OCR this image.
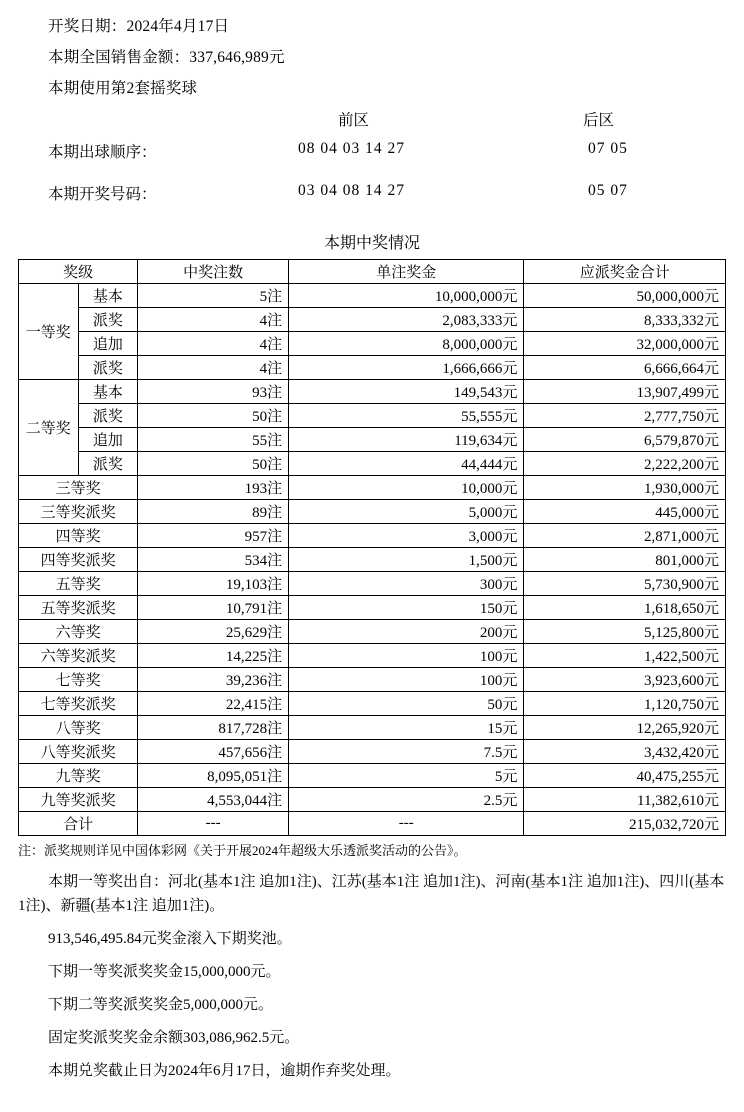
开奖日期：2024年4月17日
本期全国销售金额：337,646,989元
本期使用第2套摇奖球
前区	后区
本期出球顺序：	08 04 03 14 27	07 05
本期开奖号码：	03 04 08 14 27	05 07
本期中奖情况
奖级		中奖注数	单注奖金	应派奖金合计
一等奖	基本	5注	10,000,000元	50,000,000元
	派奖	4注	2,083,333元	8,333,332元
	追加	4注	8,000,000元	32,000,000元
	派奖	4注	1,666,666元	6,666,664元
二等奖	基本	93注	149,543元	13,907,499元
	派奖	50注	55,555元	2,777,750元
	追加	55注	119,634元	6,579,870元
	派奖	50注	44,444元	2,222,200元
三等奖		193注	10,000元	1,930,000元
三等奖派奖		89注	5,000元	445,000元
四等奖		957注	3,000元	2,871,000元
四等奖派奖		534注	1,500元	801,000元
五等奖		19,103注	300元	5,730,900元
五等奖派奖		10,791注	150元	1,618,650元
六等奖		25,629注	200元	5,125,800元
六等奖派奖		14,225注	100元	1,422,500元
七等奖		39,236注	100元	3,923,600元
七等奖派奖		22,415注	50元	1,120,750元
八等奖		817,728注	15元	12,265,920元
八等奖派奖		457,656注	7.5元	3,432,420元
九等奖		8,095,051注	5元	40,475,255元
九等奖派奖		4,553,044注	2.5元	11,382,610元
合计		---	---	215,032,720元
注：派奖规则详见中国体彩网《关于开展2024年超级大乐透派奖活动的公告》。
本期一等奖出自：河北(基本1注 追加1注)、江苏(基本1注 追加1注)、河南(基本1注 追加1注)、四川(基本1注)、新疆(基本1注 追加1注)。
913,546,495.84元奖金滚入下期奖池。
下期一等奖派奖奖金15,000,000元。
下期二等奖派奖奖金5,000,000元。
固定奖派奖奖金余额303,086,962.5元。
本期兑奖截止日为2024年6月17日，逾期作弃奖处理。
